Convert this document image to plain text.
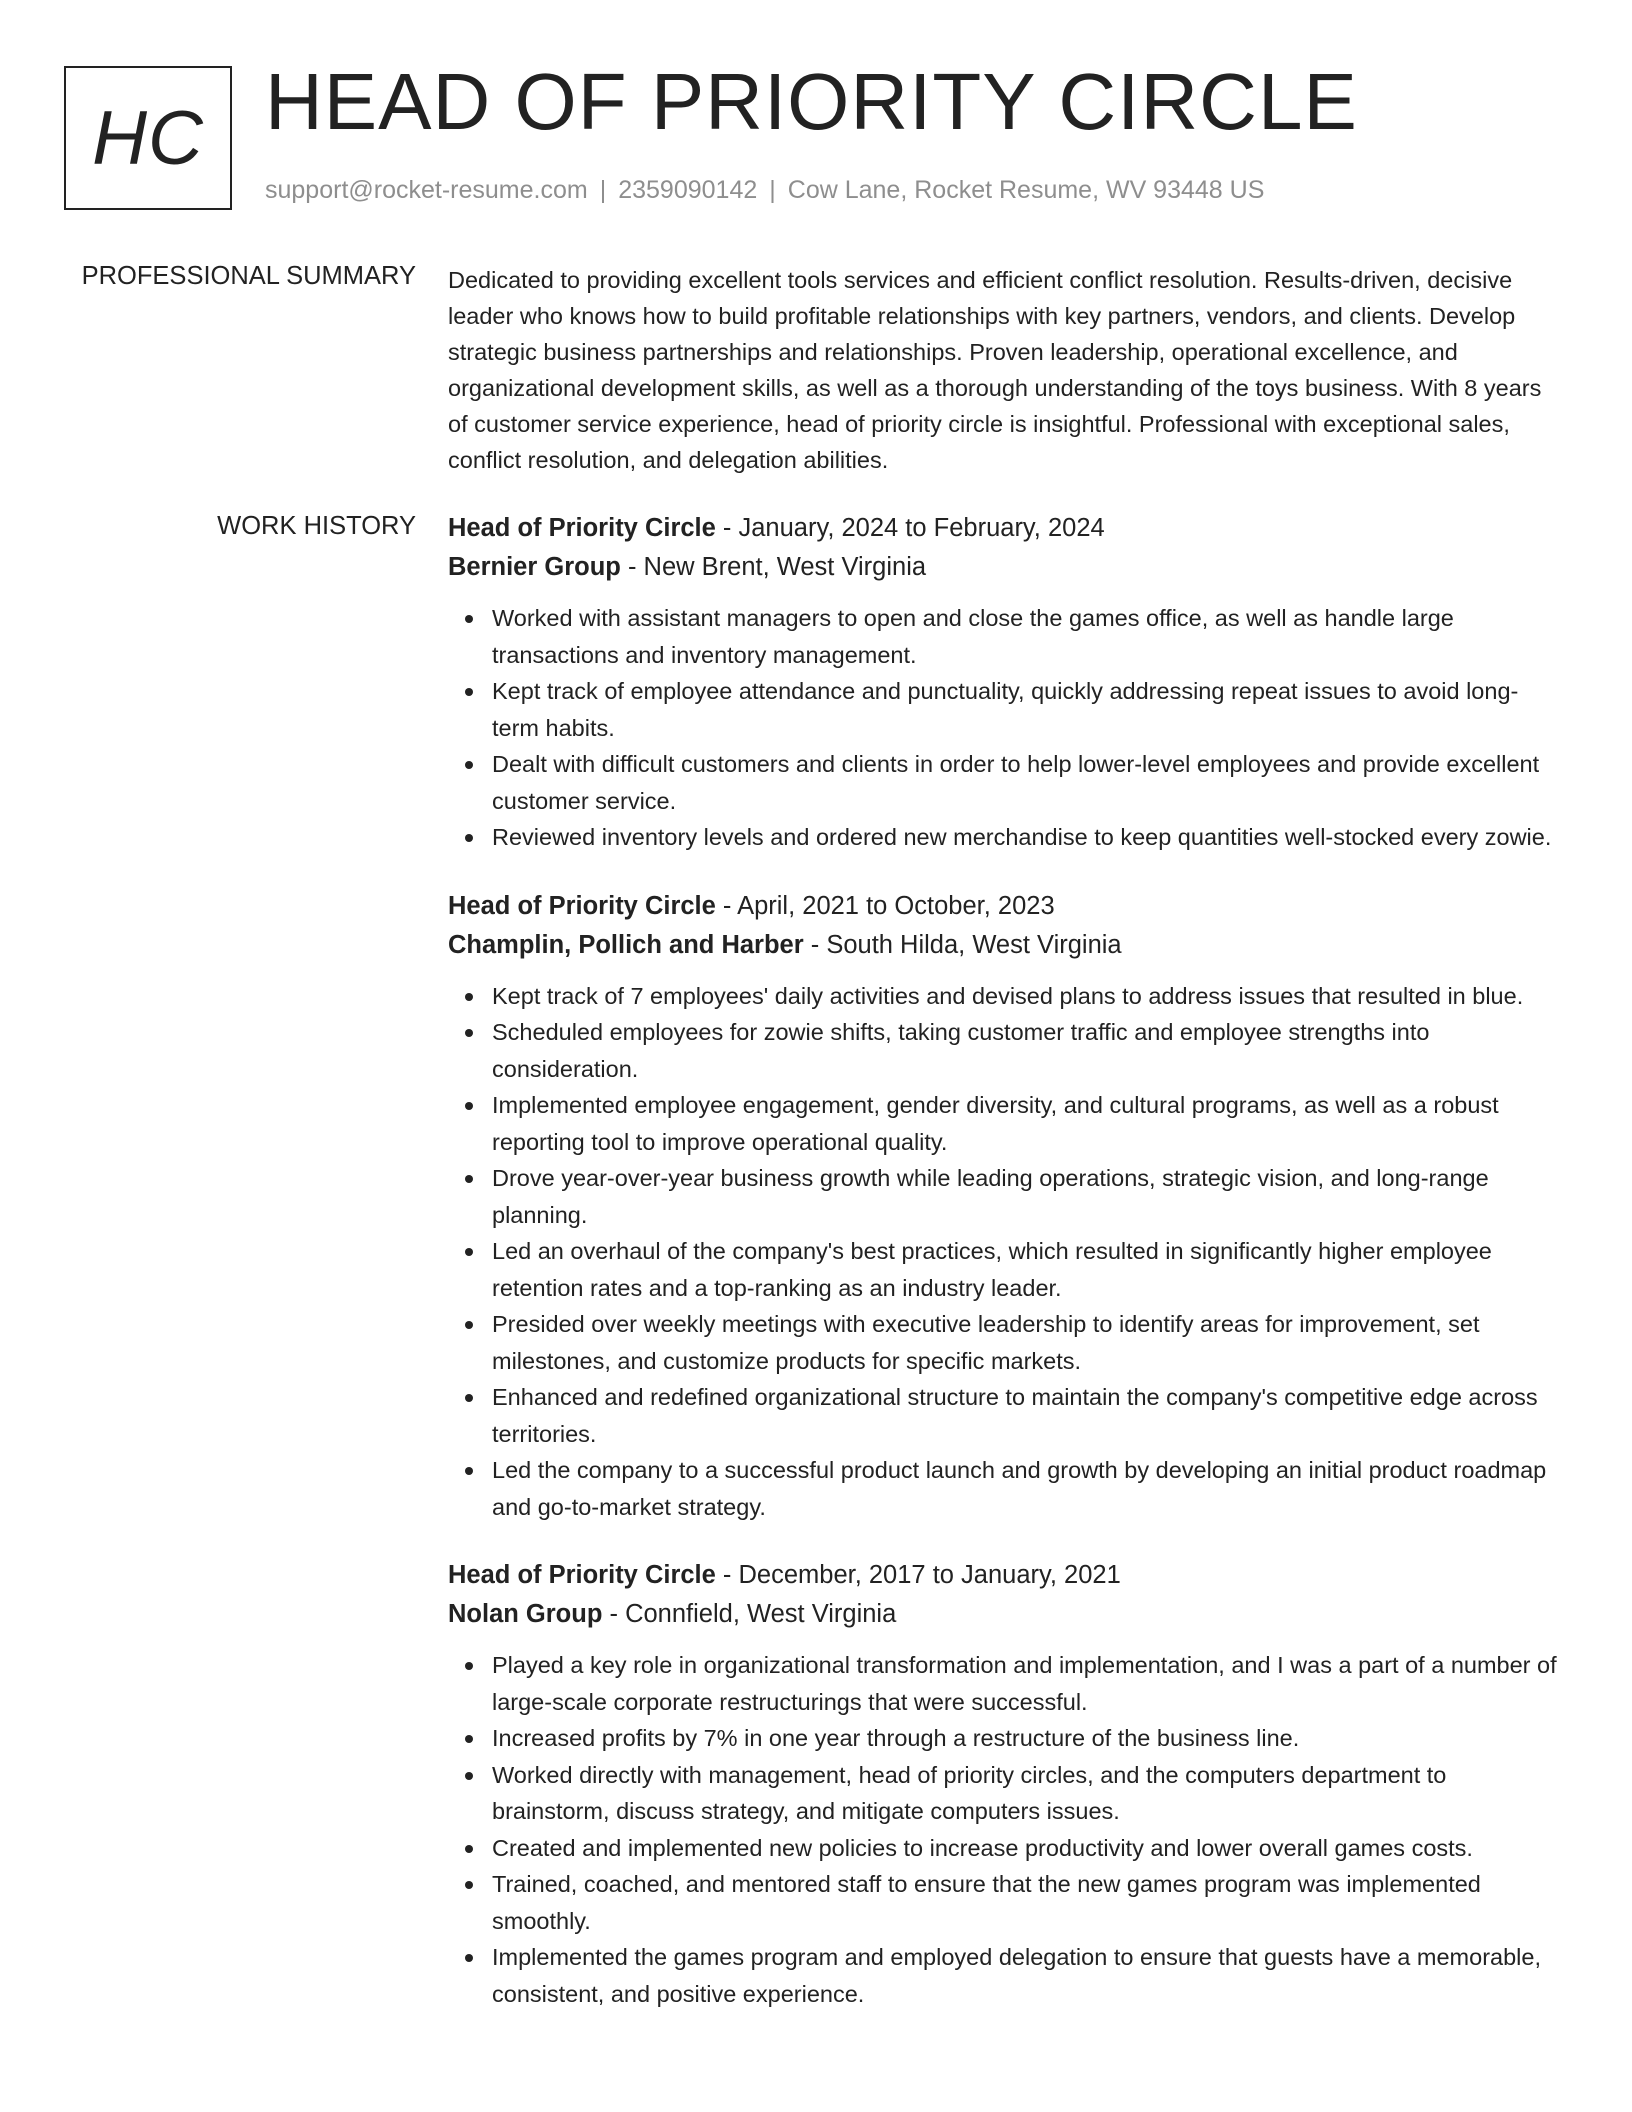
HC HEAD OF PRIORITY CIRCLE
support@rocket-resume.com | 2359090142 | Cow Lane, Rocket Resume, WV 93448 US
PROFESSIONAL SUMMARY Dedicated to providing excellent tools services and efficient conflict resolution. Results-driven, decisive leader who knows how to build profitable relationships with key partners, vendors, and clients. Develop strategic business partnerships and relationships. Proven leadership, operational excellence, and organizational development skills, as well as a thorough understanding of the toys business. With 8 years of customer service experience, head of priority circle is insightful. Professional with exceptional sales, conflict resolution, and delegation abilities.

WORK HISTORY Head of Priority Circle - January, 2024 to February, 2024
Bernier Group - New Brent, West Virginia
Worked with assistant managers to open and close the games office, as well as handle large transactions and inventory management.
Kept track of employee attendance and punctuality, quickly addressing repeat issues to avoid long-term habits.
Dealt with difficult customers and clients in order to help lower-level employees and provide excellent customer service.
Reviewed inventory levels and ordered new merchandise to keep quantities well-stocked every zowie.
Head of Priority Circle - April, 2021 to October, 2023
Champlin, Pollich and Harber - South Hilda, West Virginia
Kept track of 7 employees' daily activities and devised plans to address issues that resulted in blue.
Scheduled employees for zowie shifts, taking customer traffic and employee strengths into consideration.
Implemented employee engagement, gender diversity, and cultural programs, as well as a robust reporting tool to improve operational quality.
Drove year-over-year business growth while leading operations, strategic vision, and long-range planning.
Led an overhaul of the company's best practices, which resulted in significantly higher employee retention rates and a top-ranking as an industry leader.
Presided over weekly meetings with executive leadership to identify areas for improvement, set milestones, and customize products for specific markets.
Enhanced and redefined organizational structure to maintain the company's competitive edge across territories.
Led the company to a successful product launch and growth by developing an initial product roadmap and go-to-market strategy.
Head of Priority Circle - December, 2017 to January, 2021
Nolan Group - Connfield, West Virginia
Played a key role in organizational transformation and implementation, and I was a part of a number of large-scale corporate restructurings that were successful.
Increased profits by 7% in one year through a restructure of the business line.
Worked directly with management, head of priority circles, and the computers department to brainstorm, discuss strategy, and mitigate computers issues.
Created and implemented new policies to increase productivity and lower overall games costs.
Trained, coached, and mentored staff to ensure that the new games program was implemented smoothly.
Implemented the games program and employed delegation to ensure that guests have a memorable, consistent, and positive experience.
